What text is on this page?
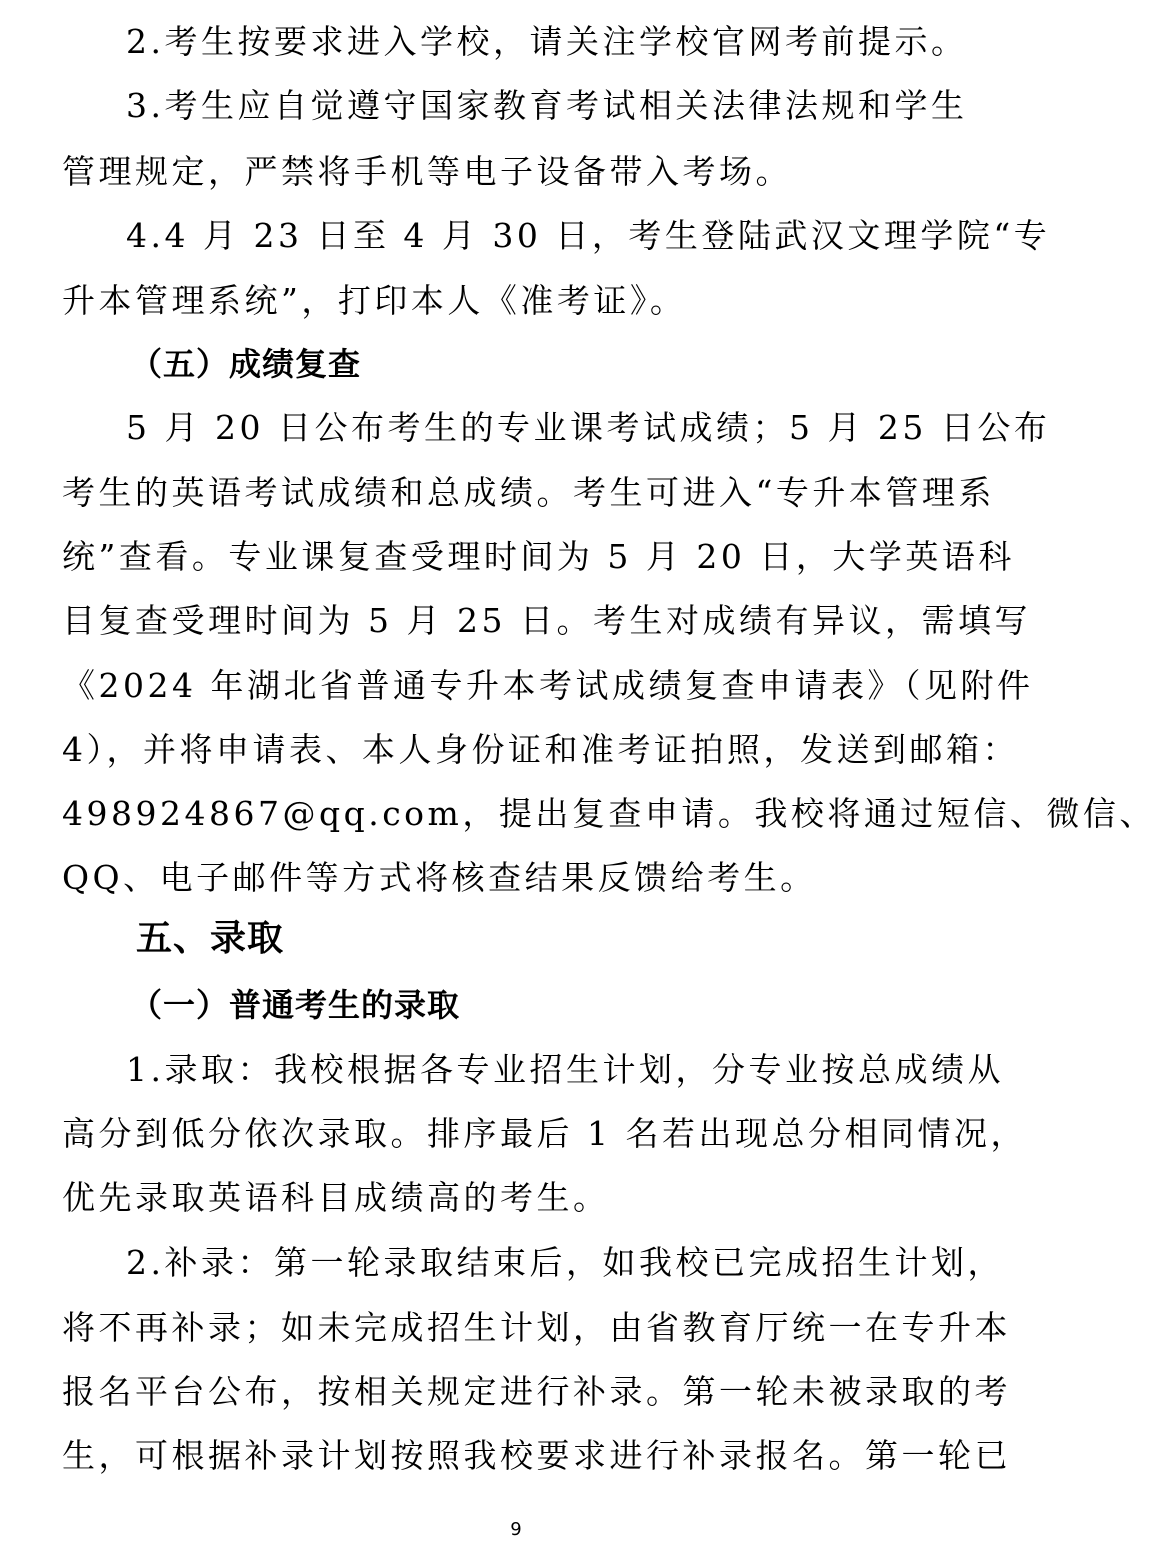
2.考生按要求进入学校，请关注学校官网考前提示。
3.考生应自觉遵守国家教育考试相关法律法规和学生
管理规定，严禁将手机等电子设备带入考场。
4.4 月 23 日至 4 月 30 日，考生登陆武汉文理学院“专
升本管理系统”，打印本人《准考证》。
（五）成绩复查
5 月 20 日公布考生的专业课考试成绩；5 月 25 日公布
考生的英语考试成绩和总成绩。考生可进入“专升本管理系
统”查看。专业课复查受理时间为 5 月 20 日，大学英语科
目复查受理时间为 5 月 25 日。考生对成绩有异议，需填写
《2024 年湖北省普通专升本考试成绩复查申请表》（见附件
4），并将申请表、本人身份证和准考证拍照，发送到邮箱：
498924867@qq.com，提出复查申请。我校将通过短信、微信、
QQ、电子邮件等方式将核查结果反馈给考生。
五、录取
（一）普通考生的录取
1.录取：我校根据各专业招生计划，分专业按总成绩从
高分到低分依次录取。排序最后 1 名若出现总分相同情况，
优先录取英语科目成绩高的考生。
2.补录：第一轮录取结束后，如我校已完成招生计划，
将不再补录；如未完成招生计划，由省教育厅统一在专升本
报名平台公布，按相关规定进行补录。第一轮未被录取的考
生，可根据补录计划按照我校要求进行补录报名。第一轮已
9
